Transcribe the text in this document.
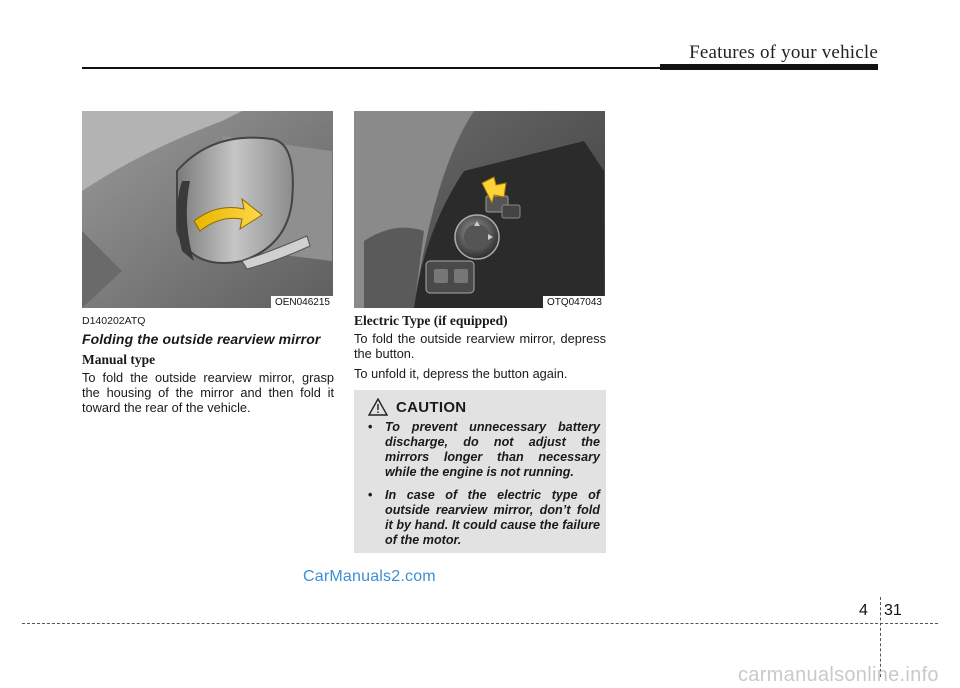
Features of your vehicle
OEN046215	OTQ047043
D140202ATQ
Folding the outside rearview mirror
Manual type
To fold the outside rearview mirror, grasp the housing of the mirror and then fold it toward the rear of the vehicle.
Electric Type (if equipped)
To fold the outside rearview mirror, depress the button.
To unfold it, depress the button again.
CAUTION
• To prevent unnecessary battery discharge, do not adjust the mirrors longer than necessary while the engine is not running.
• In case of the electric type of outside rearview mirror, don’t fold it by hand. It could cause the failure of the motor.
CarManuals2.com
4 31
carmanualsonline.info
